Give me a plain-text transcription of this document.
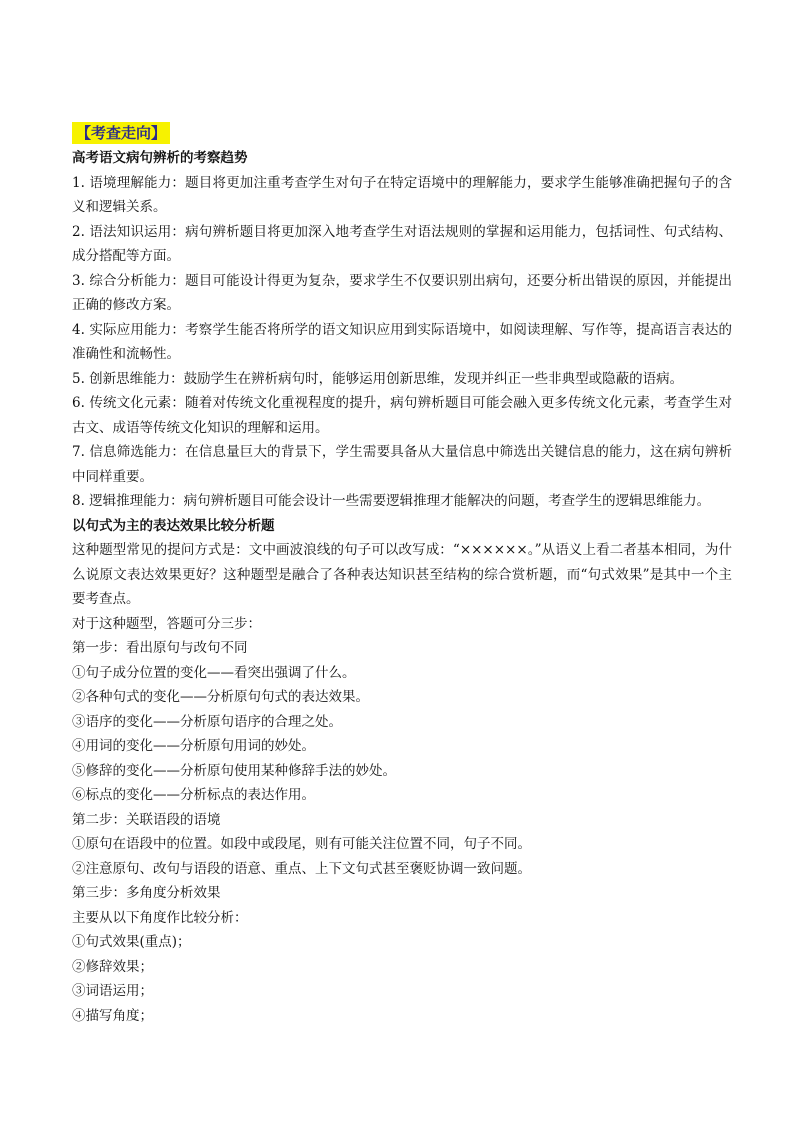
【考查走向】
高考语文病句辨析的考察趋势

1. 语境理解能力：题目将更加注重考查学生对句子在特定语境中的理解能力，要求学生能够准确把握句子的含义和逻辑关系。

2. 语法知识运用：病句辨析题目将更加深入地考查学生对语法规则的掌握和运用能力，包括词性、句式结构、成分搭配等方面。

3. 综合分析能力：题目可能设计得更为复杂，要求学生不仅要识别出病句，还要分析出错误的原因，并能提出正确的修改方案。

4. 实际应用能力：考察学生能否将所学的语文知识应用到实际语境中，如阅读理解、写作等，提高语言表达的准确性和流畅性。

5. 创新思维能力：鼓励学生在辨析病句时，能够运用创新思维，发现并纠正一些非典型或隐蔽的语病。

6. 传统文化元素：随着对传统文化重视程度的提升，病句辨析题目可能会融入更多传统文化元素，考查学生对古文、成语等传统文化知识的理解和运用。

7. 信息筛选能力：在信息量巨大的背景下，学生需要具备从大量信息中筛选出关键信息的能力，这在病句辨析中同样重要。

8. 逻辑推理能力：病句辨析题目可能会设计一些需要逻辑推理才能解决的问题，考查学生的逻辑思维能力。

以句式为主的表达效果比较分析题

这种题型常见的提问方式是：文中画波浪线的句子可以改写成：“××××××。”从语义上看二者基本相同，为什么说原文表达效果更好？这种题型是融合了各种表达知识甚至结构的综合赏析题，而“句式效果”是其中一个主要考查点。

对于这种题型，答题可分三步：

第一步：看出原句与改句不同

①句子成分位置的变化——看突出强调了什么。

②各种句式的变化——分析原句句式的表达效果。

③语序的变化——分析原句语序的合理之处。

④用词的变化——分析原句用词的妙处。

⑤修辞的变化——分析原句使用某种修辞手法的妙处。

⑥标点的变化——分析标点的表达作用。

第二步：关联语段的语境

①原句在语段中的位置。如段中或段尾，则有可能关注位置不同，句子不同。

②注意原句、改句与语段的语意、重点、上下文句式甚至褒贬协调一致问题。

第三步：多角度分析效果

主要从以下角度作比较分析：

①句式效果(重点)；

②修辞效果；

③词语运用；

④描写角度；
